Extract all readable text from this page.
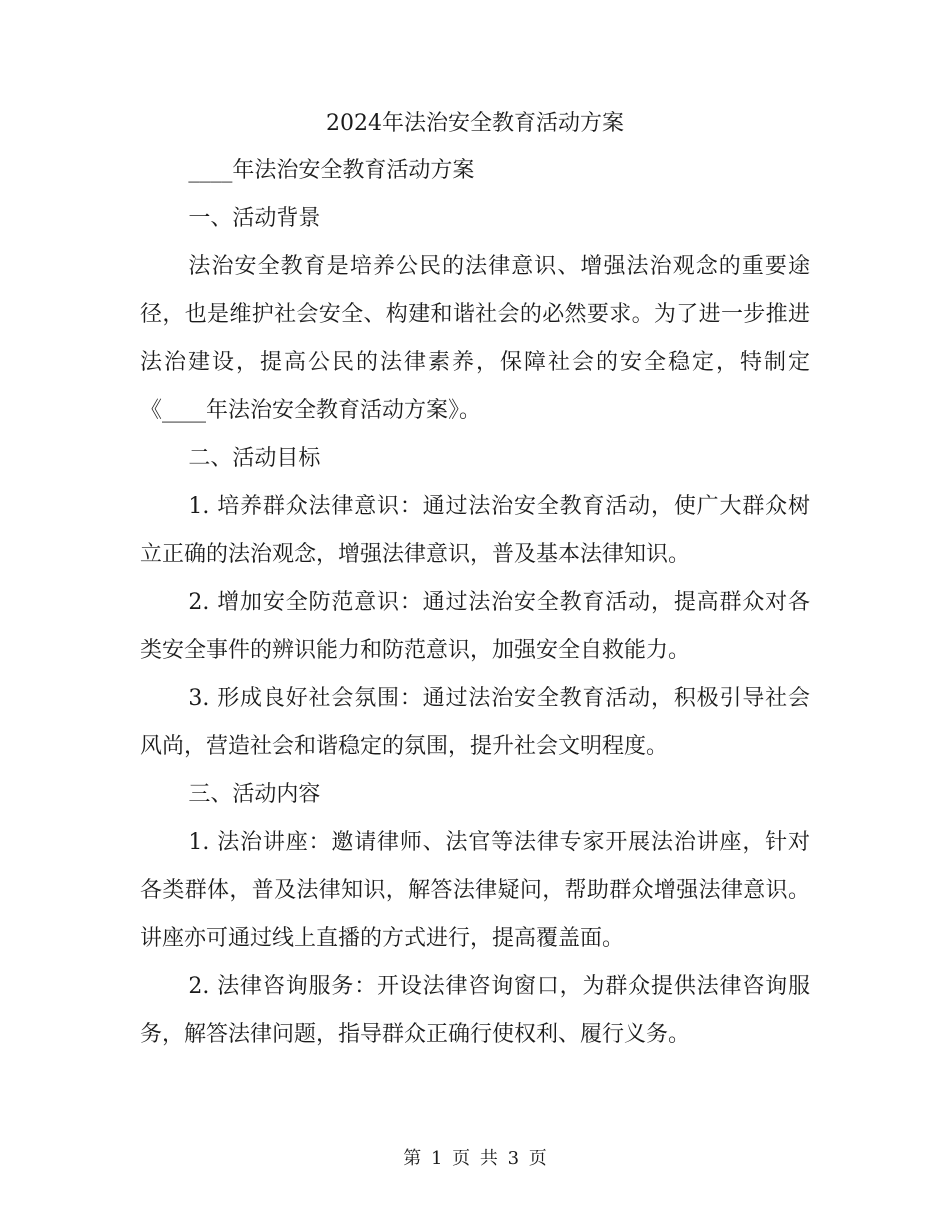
2024年法治安全教育活动方案

____年法治安全教育活动方案

一、活动背景

法治安全教育是培养公民的法律意识、增强法治观念的重要途径，也是维护社会安全、构建和谐社会的必然要求。为了进一步推进法治建设，提高公民的法律素养，保障社会的安全稳定，特制定《____年法治安全教育活动方案》。

二、活动目标

1. 培养群众法律意识：通过法治安全教育活动，使广大群众树立正确的法治观念，增强法律意识，普及基本法律知识。

2. 增加安全防范意识：通过法治安全教育活动，提高群众对各类安全事件的辨识能力和防范意识，加强安全自救能力。

3. 形成良好社会氛围：通过法治安全教育活动，积极引导社会风尚，营造社会和谐稳定的氛围，提升社会文明程度。

三、活动内容

1. 法治讲座：邀请律师、法官等法律专家开展法治讲座，针对各类群体，普及法律知识，解答法律疑问，帮助群众增强法律意识。讲座亦可通过线上直播的方式进行，提高覆盖面。

2. 法律咨询服务：开设法律咨询窗口，为群众提供法律咨询服务，解答法律问题，指导群众正确行使权利、履行义务。

第 1 页 共 3 页
